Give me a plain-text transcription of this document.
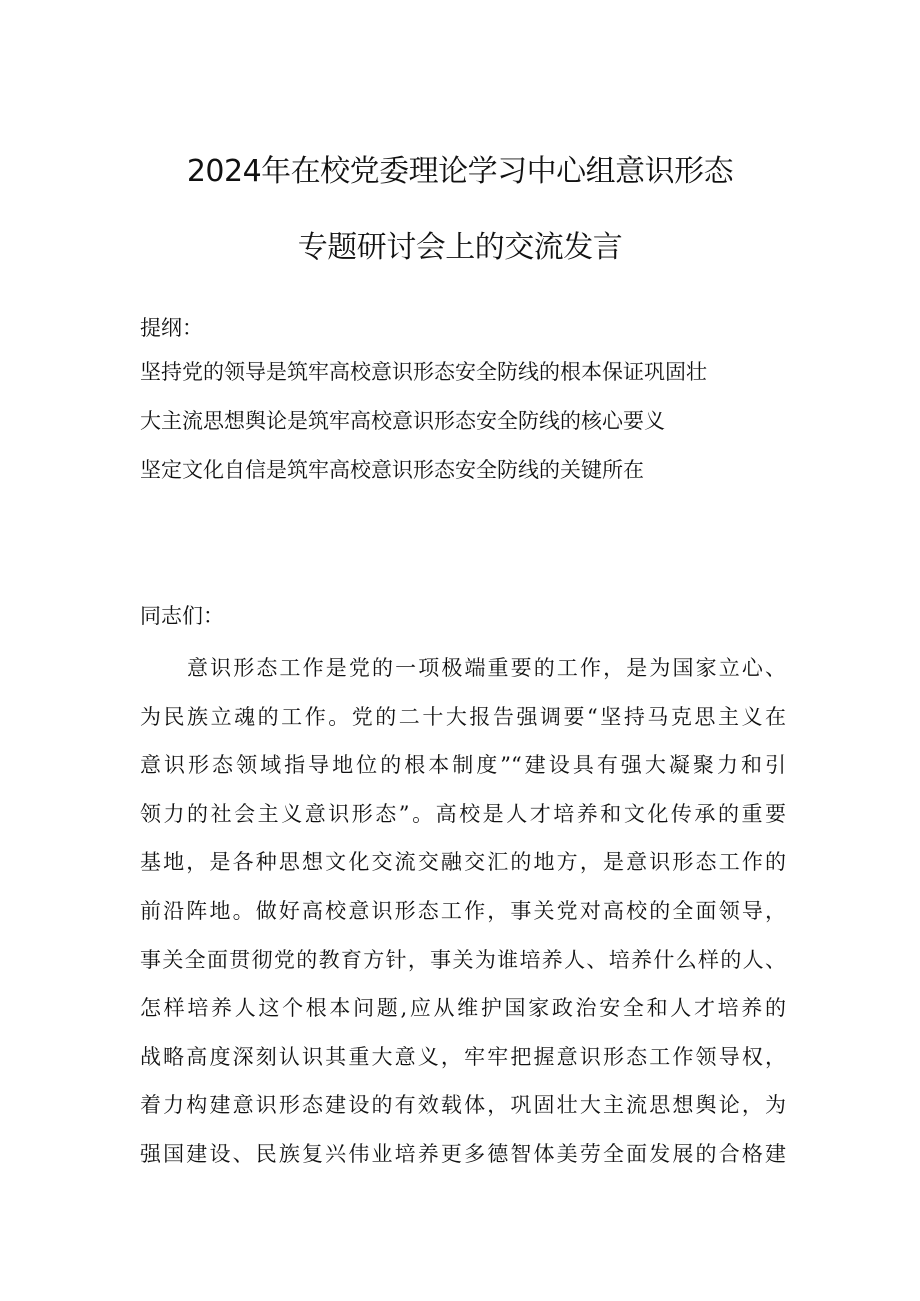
2024年在校党委理论学习中心组意识形态
专题研讨会上的交流发言

提纲：

坚持党的领导是筑牢高校意识形态安全防线的根本保证巩固壮

大主流思想舆论是筑牢高校意识形态安全防线的核心要义

坚定文化自信是筑牢高校意识形态安全防线的关键所在

同志们：

意识形态工作是党的一项极端重要的工作，是为国家立心、
为民族立魂的工作。党的二十大报告强调要“坚持马克思主义在
意识形态领域指导地位的根本制度”“建设具有强大凝聚力和引
领力的社会主义意识形态”。高校是人才培养和文化传承的重要
基地，是各种思想文化交流交融交汇的地方，是意识形态工作的
前沿阵地。做好高校意识形态工作，事关党对高校的全面领导，
事关全面贯彻党的教育方针，事关为谁培养人、培养什么样的人、
怎样培养人这个根本问题,应从维护国家政治安全和人才培养的
战略高度深刻认识其重大意义，牢牢把握意识形态工作领导权，
着力构建意识形态建设的有效载体，巩固壮大主流思想舆论，为
强国建设、民族复兴伟业培养更多德智体美劳全面发展的合格建
